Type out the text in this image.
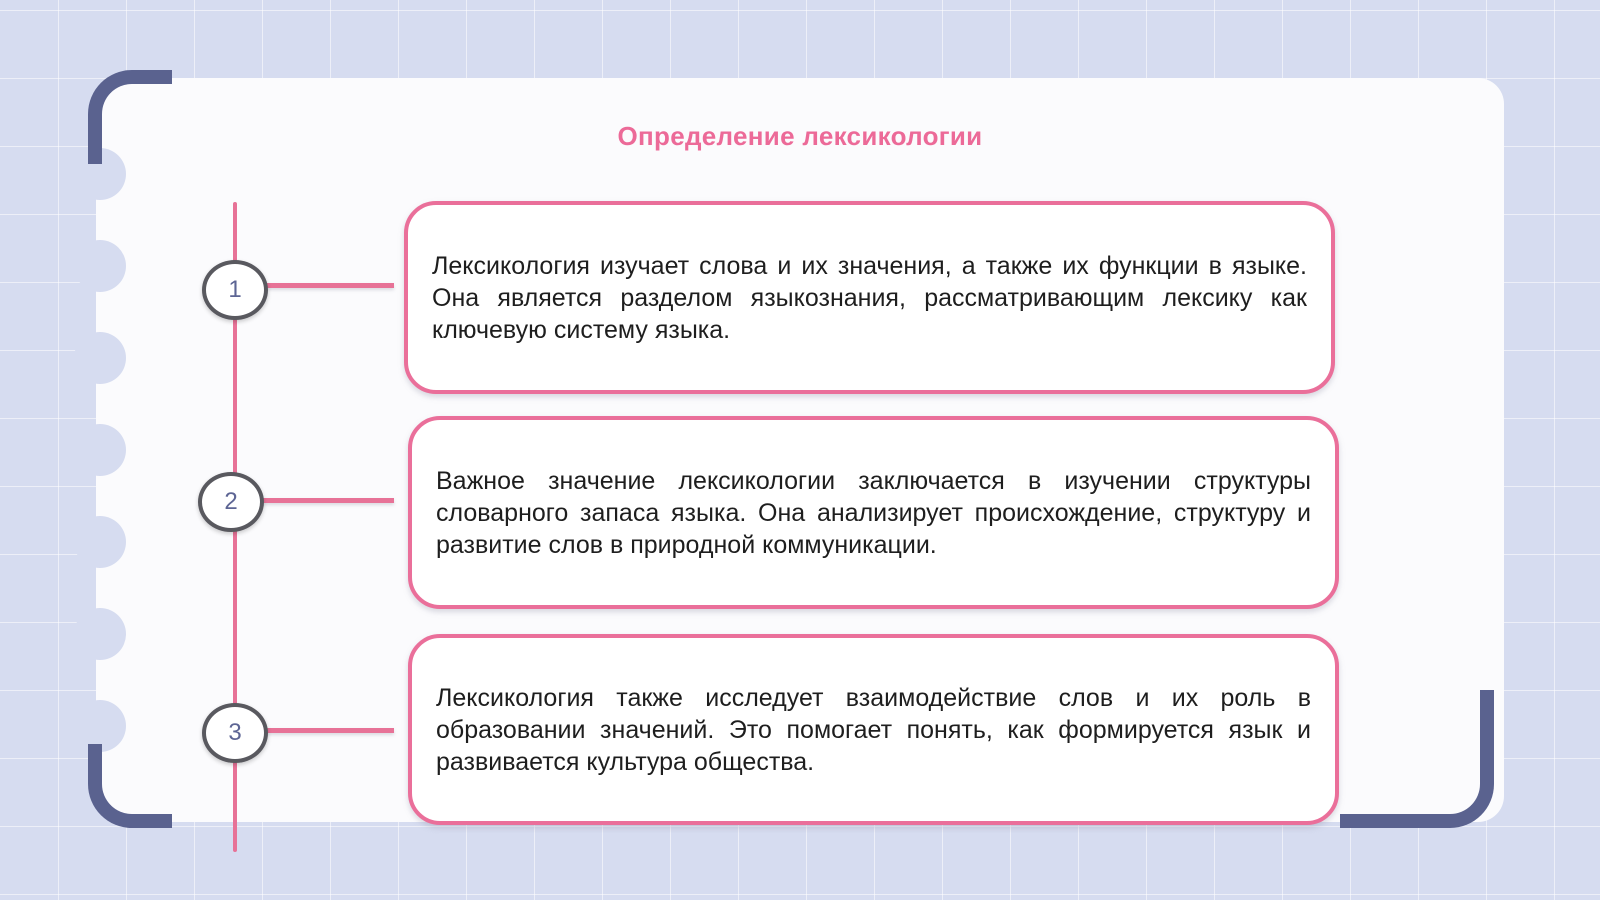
Определение лексикологии
1
2
3

Лексикология изучает слова и их значения, а также их функции в языке. Она является разделом языкознания, рассматривающим лексику как ключевую систему языка.

Важное значение лексикологии заключается в изучении структуры словарного запаса языка. Она анализирует происхождение, структуру и развитие слов в природной коммуникации.

Лексикология также исследует взаимодействие слов и их роль в образовании значений. Это помогает понять, как формируется язык и развивается культура общества.
